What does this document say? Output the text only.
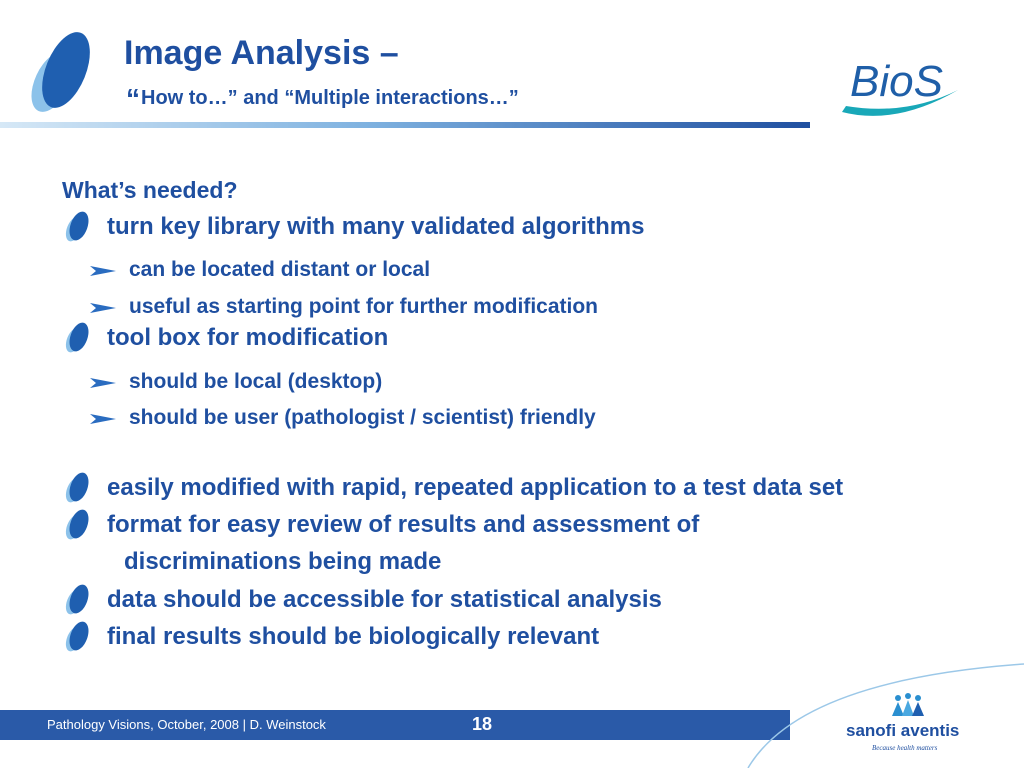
Image Analysis –
“How to…” and “Multiple interactions…”	BioS
What’s needed?
turn key library with many validated algorithms
can be located distant or local
useful as starting point for further modification
tool box for modification
should be local (desktop)
should be user (pathologist / scientist) friendly
easily modified with rapid, repeated application to a test data set
format for easy review of results and assessment of
discriminations being made
data should be accessible for statistical analysis
final results should be biologically relevant
Pathology Visions, October, 2008 | D. Weinstock	18	sanofi aventis
Because health matters
